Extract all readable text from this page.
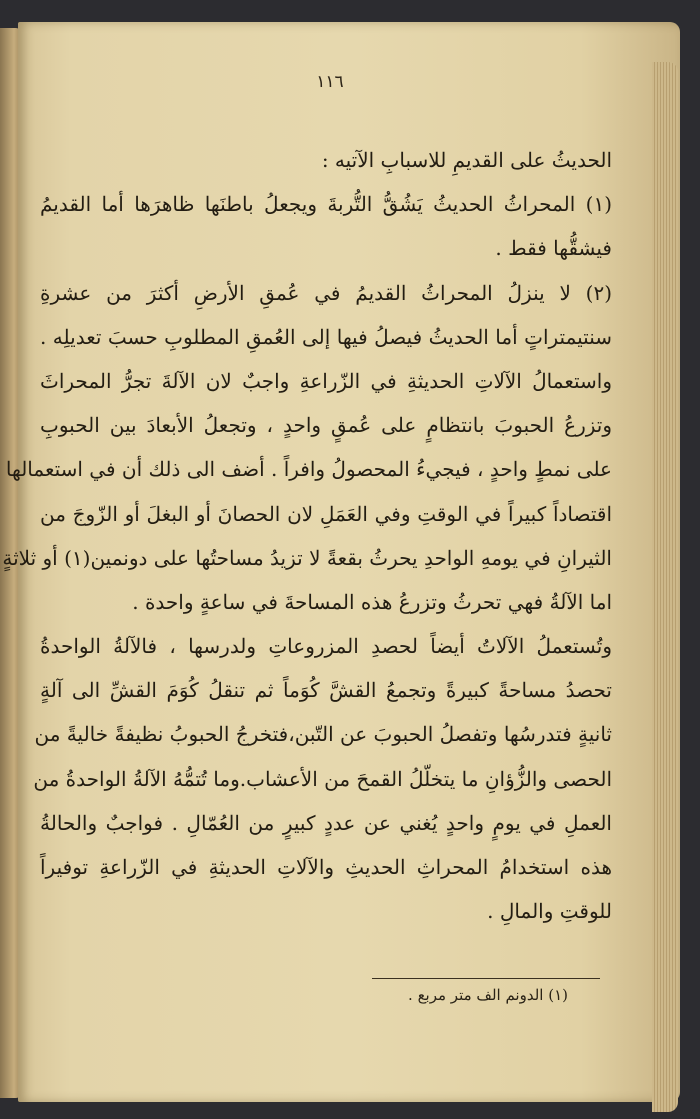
١١٦
الحديثُ على القديمِ للاسبابِ الآتيه :
(١) المحراثُ الحديثُ يَشُقُّ التُّربةَ ويجعلُ باطنَها ظاهرَها أما القديمُ
فيشقُّها فقط .
(٢) لا ينزلُ المحراثُ القديمُ في عُمقِ الأرضِ أكثرَ من عشرةِ
سنتيمتراتٍ أما الحديثُ فيصلُ فيها إلى العُمقِ المطلوبِ حسبَ تعديلِه .
واستعمالُ الآلاتِ الحديثةِ في الزّراعةِ واجبٌ لان الآلةَ تجرُّ المحراثَ
وتزرعُ الحبوبَ بانتظامٍ على عُمقٍ واحدٍ ، وتجعلُ الأبعادَ بين الحبوبِ
على نمطٍ واحدٍ ، فيجيءُ المحصولُ وافراً . أضف الى ذلك أن في استعمالها
اقتصاداً كبيراً في الوقتِ وفي العَمَلِ لان الحصانَ أو البغلَ أو الزّوجَ من
الثيرانِ في يومهِ الواحدِ يحرثُ بقعةً لا تزيدُ مساحتُها على دونمين(١) أو ثلاثةٍ
اما الآلةُ فهي تحرثُ وتزرعُ هذه المساحةَ في ساعةٍ واحدة .
وتُستعملُ الآلاتُ أيضاً لحصدِ المزروعاتِ ولدرسها ، فالآلةُ الواحدةُ
تحصدُ مساحةً كبيرةً وتجمعُ القشَّ كُوَماً ثم تنقلُ كُوَمَ القشِّ الى آلةٍ
ثانيةٍ فتدرسُها وتفصلُ الحبوبَ عن التّبن،فتخرجُ الحبوبُ نظيفةً خاليةً من
الحصى والزُّؤانِ ما يتخلّلُ القمحَ من الأعشاب.وما تُتمُّهُ الآلةُ الواحدةُ من
العملِ في يومٍ واحدٍ يُغني عن عددٍ كبيرٍ من العُمّالِ . فواجبٌ والحالةُ
هذه استخدامُ المحراثِ الحديثِ والآلاتِ الحديثةِ في الزّراعةِ توفيراً
للوقتِ والمالِ .
(١) الدونم الف متر مربع .
